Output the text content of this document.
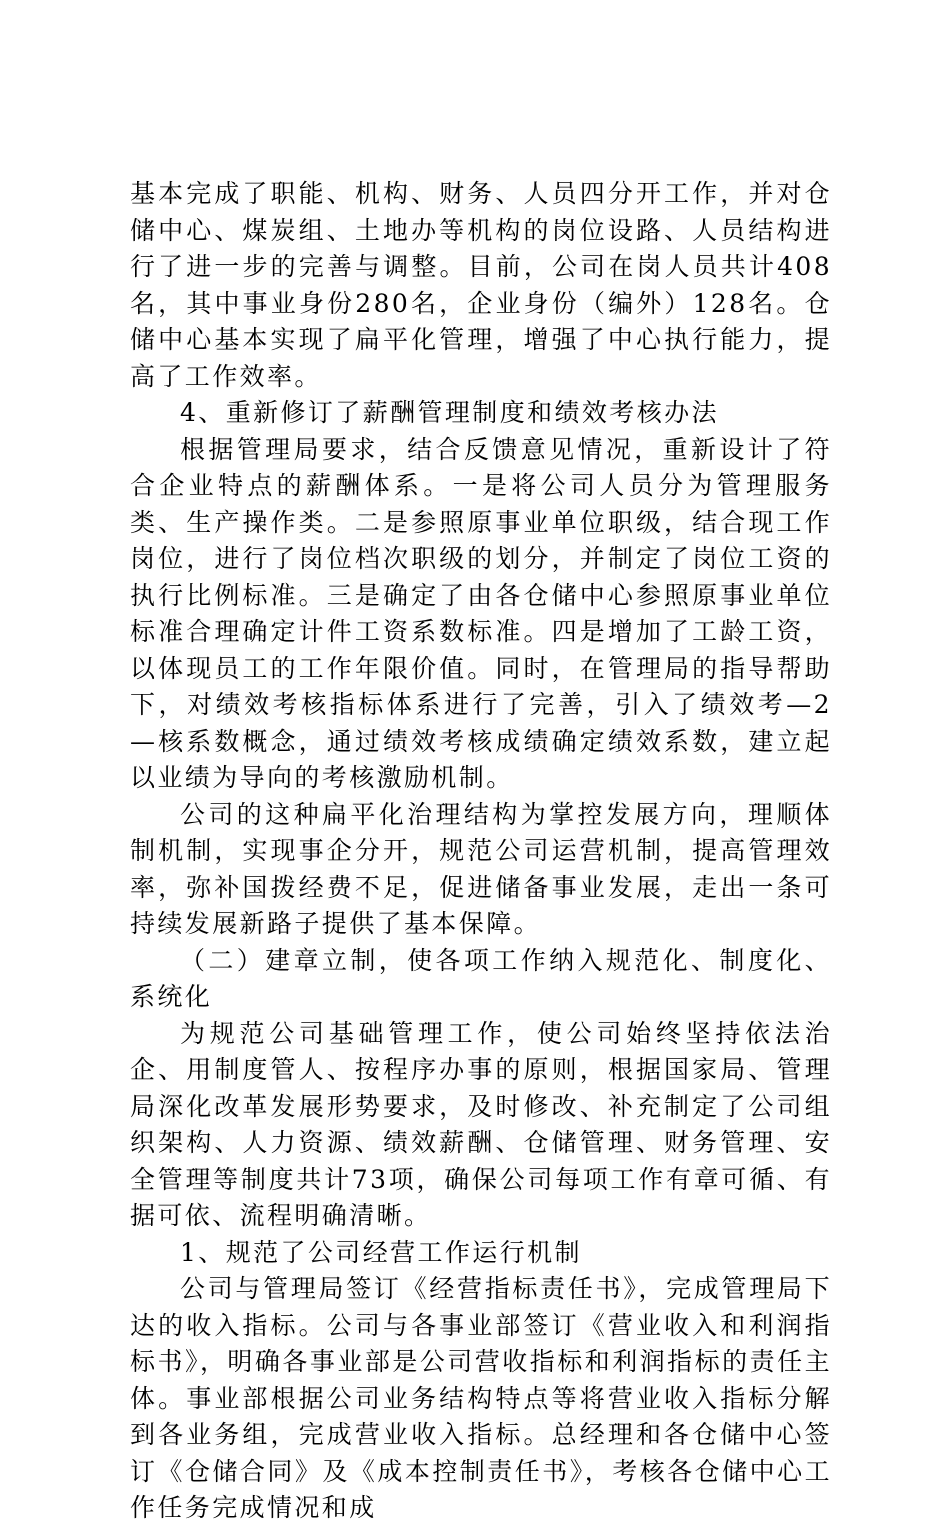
基本完成了职能、机构、财务、人员四分开工作，并对仓储中心、煤炭组、土地办等机构的岗位设路、人员结构进行了进一步的完善与调整。目前，公司在岗人员共计408名，其中事业身份280名，企业身份（编外）128名。仓储中心基本实现了扁平化管理，增强了中心执行能力，提高了工作效率。

4、重新修订了薪酬管理制度和绩效考核办法

根据管理局要求，结合反馈意见情况，重新设计了符合企业特点的薪酬体系。一是将公司人员分为管理服务类、生产操作类。二是参照原事业单位职级，结合现工作岗位，进行了岗位档次职级的划分，并制定了岗位工资的执行比例标准。三是确定了由各仓储中心参照原事业单位标准合理确定计件工资系数标准。四是增加了工龄工资，以体现员工的工作年限价值。同时，在管理局的指导帮助下，对绩效考核指标体系进行了完善，引入了绩效考—2—核系数概念，通过绩效考核成绩确定绩效系数，建立起以业绩为导向的考核激励机制。

公司的这种扁平化治理结构为掌控发展方向，理顺体制机制，实现事企分开，规范公司运营机制，提高管理效率，弥补国拨经费不足，促进储备事业发展，走出一条可持续发展新路子提供了基本保障。

（二）建章立制，使各项工作纳入规范化、制度化、系统化

为规范公司基础管理工作，使公司始终坚持依法治企、用制度管人、按程序办事的原则，根据国家局、管理局深化改革发展形势要求，及时修改、补充制定了公司组织架构、人力资源、绩效薪酬、仓储管理、财务管理、安全管理等制度共计73项，确保公司每项工作有章可循、有据可依、流程明确清晰。

1、规范了公司经营工作运行机制

公司与管理局签订《经营指标责任书》，完成管理局下达的收入指标。公司与各事业部签订《营业收入和利润指标书》，明确各事业部是公司营收指标和利润指标的责任主体。事业部根据公司业务结构特点等将营业收入指标分解到各业务组，完成营业收入指标。总经理和各仓储中心签订《仓储合同》及《成本控制责任书》，考核各仓储中心工作任务完成情况和成
